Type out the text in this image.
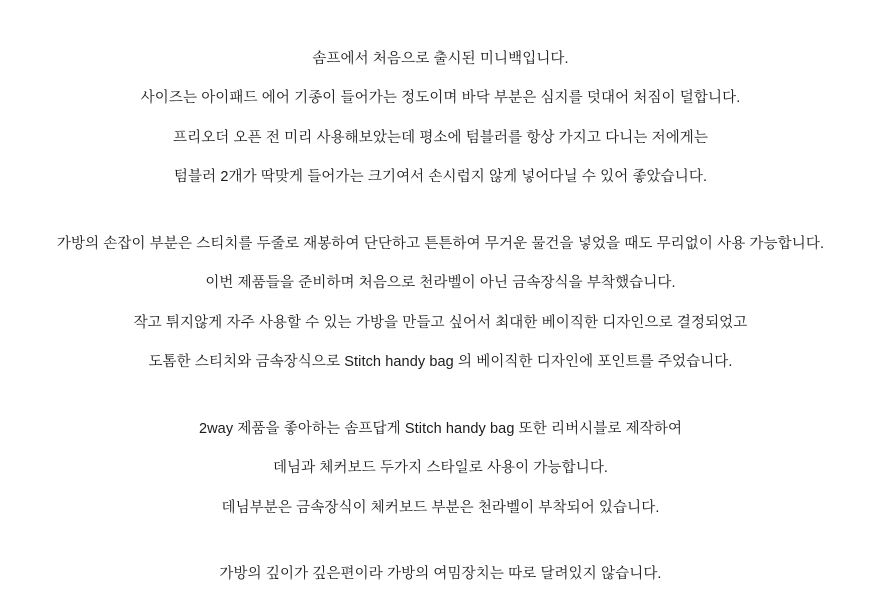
솜프에서 처음으로 출시된 미니백입니다.

사이즈는 아이패드 에어 기종이 들어가는 정도이며 바닥 부분은 심지를 덧대어 처짐이 덜합니다.

프리오더 오픈 전 미리 사용해보았는데 평소에 텀블러를 항상 가지고 다니는 저에게는

텀블러 2개가 딱맞게 들어가는 크기여서 손시럽지 않게 넣어다닐 수 있어 좋았습니다.

가방의 손잡이 부분은 스티치를 두줄로 재봉하여 단단하고 튼튼하여 무거운 물건을 넣었을 때도 무리없이 사용 가능합니다.

이번 제품들을 준비하며 처음으로 천라벨이 아닌 금속장식을 부착했습니다.

작고 튀지않게 자주 사용할 수 있는 가방을 만들고 싶어서 최대한 베이직한 디자인으로 결정되었고

도톰한 스티치와 금속장식으로 Stitch handy bag 의 베이직한 디자인에 포인트를 주었습니다.

2way 제품을 좋아하는 솜프답게 Stitch handy bag 또한 리버시블로 제작하여

데님과 체커보드 두가지 스타일로 사용이 가능합니다.

데님부분은 금속장식이 체커보드 부분은 천라벨이 부착되어 있습니다.

가방의 깊이가 깊은편이라 가방의 여밈장치는 따로 달려있지 않습니다.
